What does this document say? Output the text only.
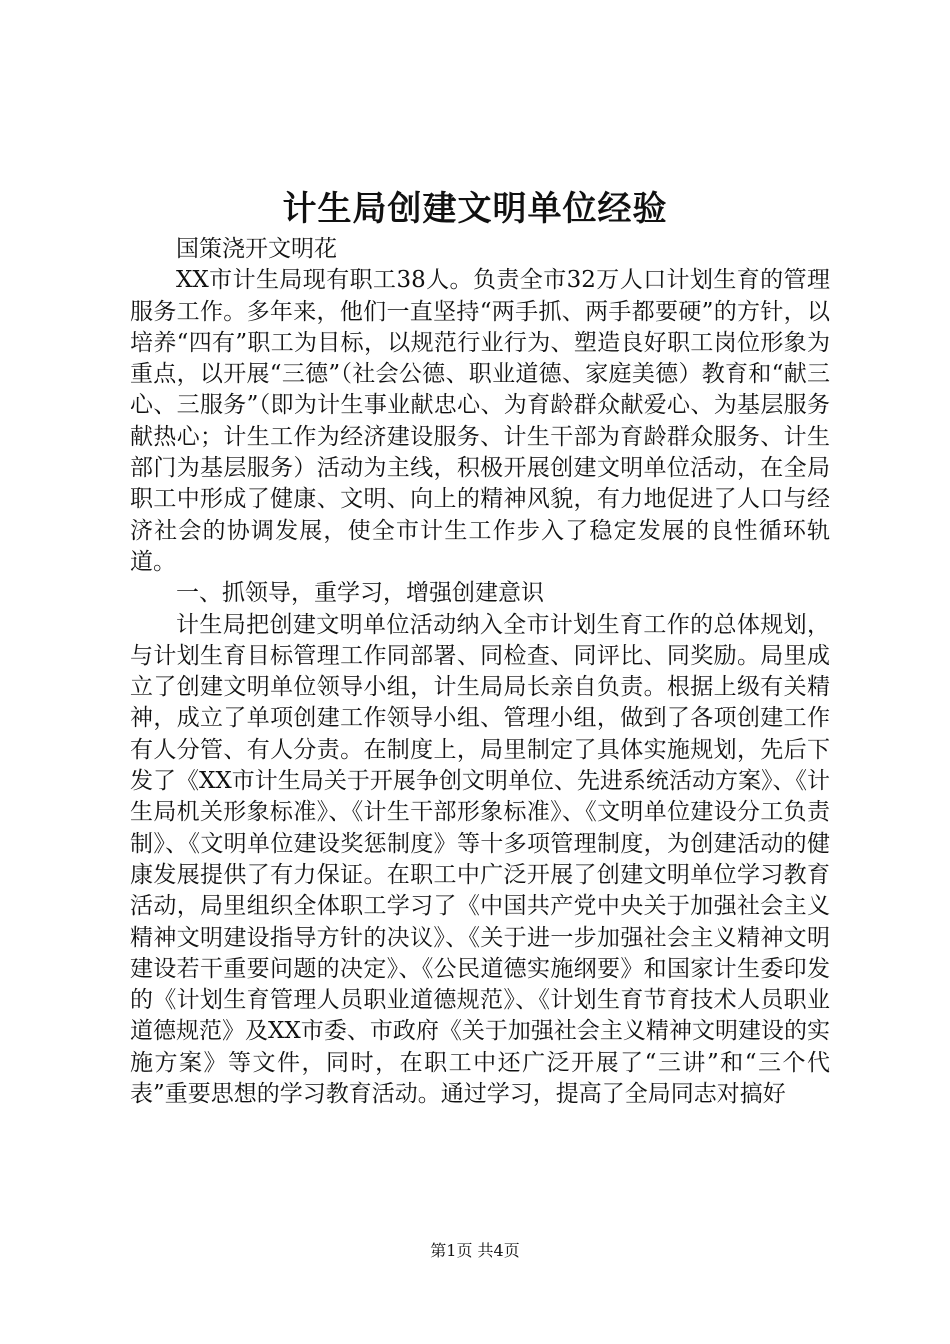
计生局创建文明单位经验

国策浇开文明花

XX市计生局现有职工38人。负责全市32万人口计划生育的管理服务工作。多年来，他们一直坚持“两手抓、两手都要硬”的方针，以培养“四有”职工为目标，以规范行业行为、塑造良好职工岗位形象为重点，以开展“三德”（社会公德、职业道德、家庭美德）教育和“献三心、三服务”（即为计生事业献忠心、为育龄群众献爱心、为基层服务献热心；计生工作为经济建设服务、计生干部为育龄群众服务、计生部门为基层服务）活动为主线，积极开展创建文明单位活动，在全局职工中形成了健康、文明、向上的精神风貌，有力地促进了人口与经济社会的协调发展，使全市计生工作步入了稳定发展的良性循环轨道。

一、抓领导，重学习，增强创建意识

计生局把创建文明单位活动纳入全市计划生育工作的总体规划，与计划生育目标管理工作同部署、同检查、同评比、同奖励。局里成立了创建文明单位领导小组，计生局局长亲自负责。根据上级有关精神，成立了单项创建工作领导小组、管理小组，做到了各项创建工作有人分管、有人分责。在制度上，局里制定了具体实施规划，先后下发了《XX市计生局关于开展争创文明单位、先进系统活动方案》、《计生局机关形象标准》、《计生干部形象标准》、《文明单位建设分工负责制》、《文明单位建设奖惩制度》等十多项管理制度，为创建活动的健康发展提供了有力保证。在职工中广泛开展了创建文明单位学习教育活动，局里组织全体职工学习了《中国共产党中央关于加强社会主义精神文明建设指导方针的决议》、《关于进一步加强社会主义精神文明建设若干重要问题的决定》、《公民道德实施纲要》和国家计生委印发的《计划生育管理人员职业道德规范》、《计划生育节育技术人员职业道德规范》及XX市委、市政府《关于加强社会主义精神文明建设的实施方案》等文件，同时，在职工中还广泛开展了“三讲”和“三个代表”重要思想的学习教育活动。通过学习，提高了全局同志对搞好

第1页 共4页
